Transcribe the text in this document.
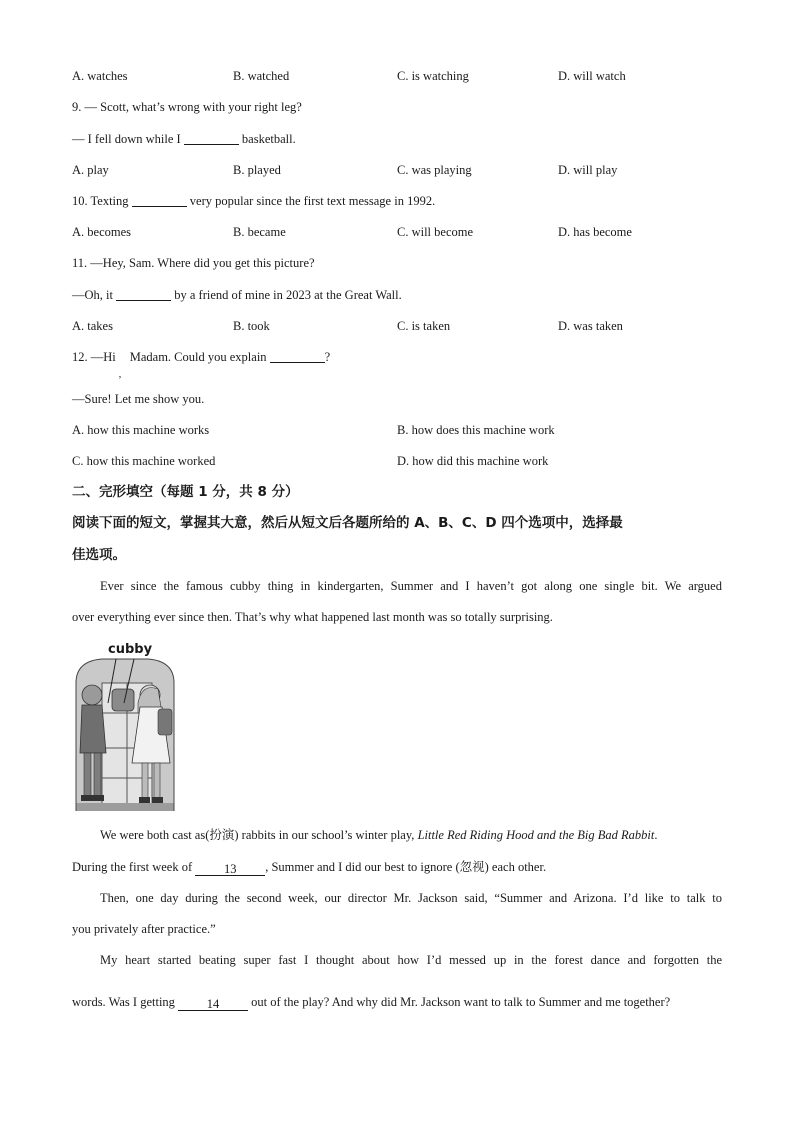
A. watches	B. watched	C. is watching	D. will watch
9. — Scott, what’s wrong with your right leg?
— I fell down while I	basketball.
A. play	B. played	C. was playing	D. will play
10. Texting	very popular since the first text message in 1992.
A. becomes	B. became	C. will become	D. has become
11. —Hey, Sam. Where did you get this picture?
—Oh, it	by a friend of mine in 2023 at the Great Wall.
A. takes	B. took	C. is taken	D. was taken
12. —Hi
,
Madam. Could you explain	?
—Sure! Let me show you.
A. how this machine works	B. how does this machine work
C. how this machine worked	D. how did this machine work
二、完形填空（每题 1 分，共 8 分）
阅读下面的短文，掌握其大意，然后从短文后各题所给的 A、B、C、D 四个选项中，选择最
佳选项。
Ever since the famous cubby thing in kindergarten, Summer and I haven’t got along one single bit. We argued
over everything ever since then. That’s why what happened last month was so totally surprising.
cubby
We were both cast as(扮演) rabbits in our school’s winter play, Little Red Riding Hood and the Big Bad Rabbit.
During the first week of	13 , Summer and I did our best to ignore (忽视) each other.
Then, one day during the second week, our director Mr. Jackson said, “Summer and Arizona. I’d like to talk to
you privately after practice.”
My heart started beating super fast I thought about how I’d messed up in the forest dance and forgotten the
words. Was I getting	14	out of the play? And why did Mr. Jackson want to talk to Summer and me together?
